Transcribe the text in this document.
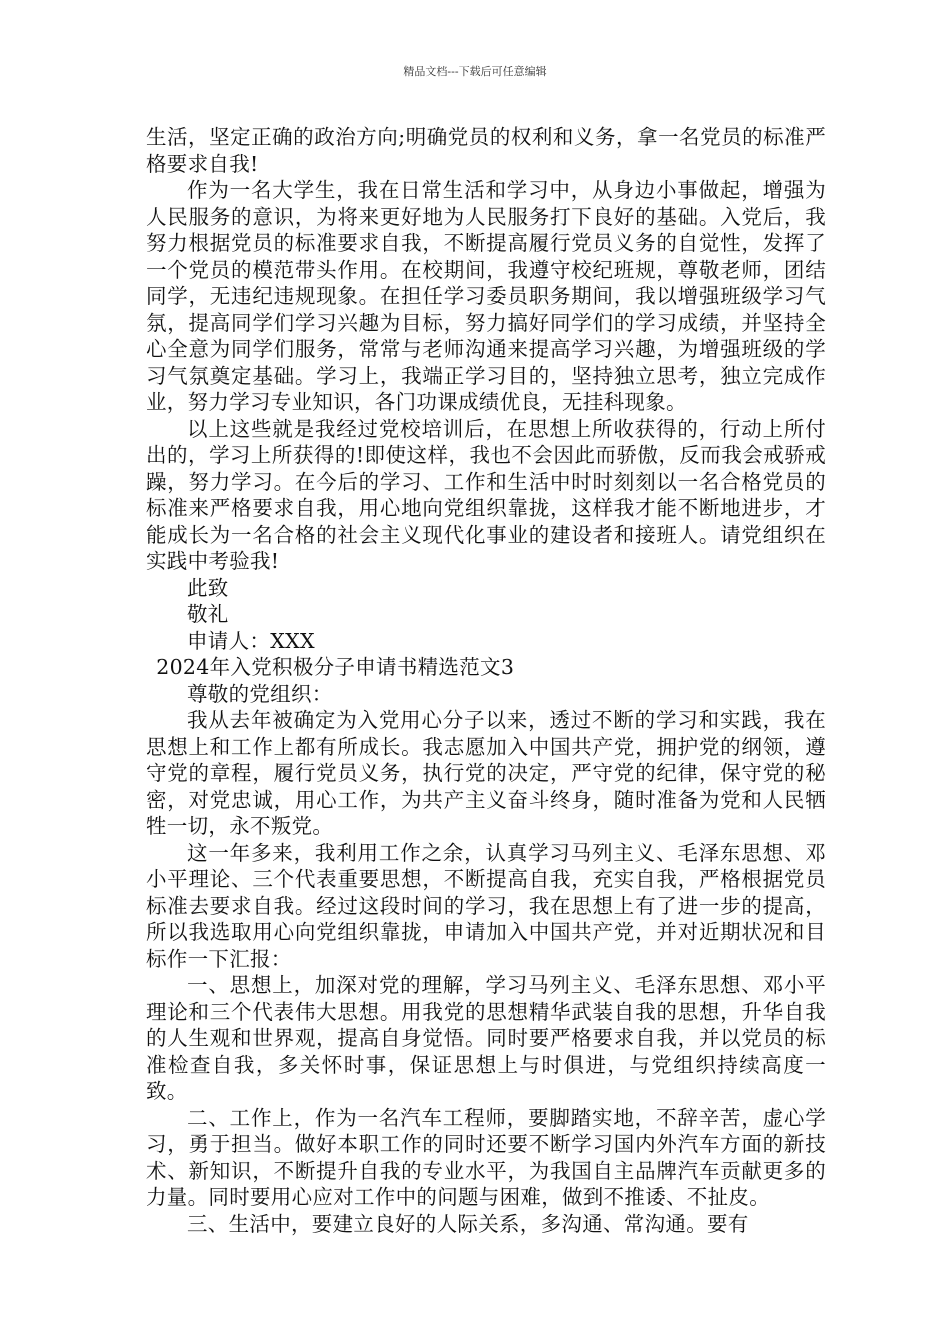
精品文档---下载后可任意编辑

生活，坚定正确的政治方向;明确党员的权利和义务，拿一名党员的标准严格要求自我!

作为一名大学生，我在日常生活和学习中，从身边小事做起，增强为人民服务的意识，为将来更好地为人民服务打下良好的基础。入党后，我努力根据党员的标准要求自我，不断提高履行党员义务的自觉性，发挥了一个党员的模范带头作用。在校期间，我遵守校纪班规，尊敬老师，团结同学，无违纪违规现象。在担任学习委员职务期间，我以增强班级学习气氛，提高同学们学习兴趣为目标，努力搞好同学们的学习成绩，并坚持全心全意为同学们服务，常常与老师沟通来提高学习兴趣，为增强班级的学习气氛奠定基础。学习上，我端正学习目的，坚持独立思考，独立完成作业，努力学习专业知识，各门功课成绩优良，无挂科现象。

以上这些就是我经过党校培训后，在思想上所收获得的，行动上所付出的，学习上所获得的!即使这样，我也不会因此而骄傲，反而我会戒骄戒躁，努力学习。在今后的学习、工作和生活中时时刻刻以一名合格党员的标准来严格要求自我，用心地向党组织靠拢，这样我才能不断地进步，才能成长为一名合格的社会主义现代化事业的建设者和接班人。请党组织在实践中考验我!

此致

敬礼

申请人：XXX

2024年入党积极分子申请书精选范文3

尊敬的党组织：

我从去年被确定为入党用心分子以来，透过不断的学习和实践，我在思想上和工作上都有所成长。我志愿加入中国共产党，拥护党的纲领，遵守党的章程，履行党员义务，执行党的决定，严守党的纪律，保守党的秘密，对党忠诚，用心工作，为共产主义奋斗终身，随时准备为党和人民牺牲一切，永不叛党。

这一年多来，我利用工作之余，认真学习马列主义、毛泽东思想、邓小平理论、三个代表重要思想，不断提高自我，充实自我，严格根据党员标准去要求自我。经过这段时间的学习，我在思想上有了进一步的提高，所以我选取用心向党组织靠拢，申请加入中国共产党，并对近期状况和目标作一下汇报：

一、思想上，加深对党的理解，学习马列主义、毛泽东思想、邓小平理论和三个代表伟大思想。用我党的思想精华武装自我的思想，升华自我的人生观和世界观，提高自身觉悟。同时要严格要求自我，并以党员的标准检查自我，多关怀时事，保证思想上与时俱进，与党组织持续高度一致。

二、工作上，作为一名汽车工程师，要脚踏实地，不辞辛苦，虚心学习，勇于担当。做好本职工作的同时还要不断学习国内外汽车方面的新技术、新知识，不断提升自我的专业水平，为我国自主品牌汽车贡献更多的力量。同时要用心应对工作中的问题与困难，做到不推诿、不扯皮。

三、生活中，要建立良好的人际关系，多沟通、常沟通。要有
